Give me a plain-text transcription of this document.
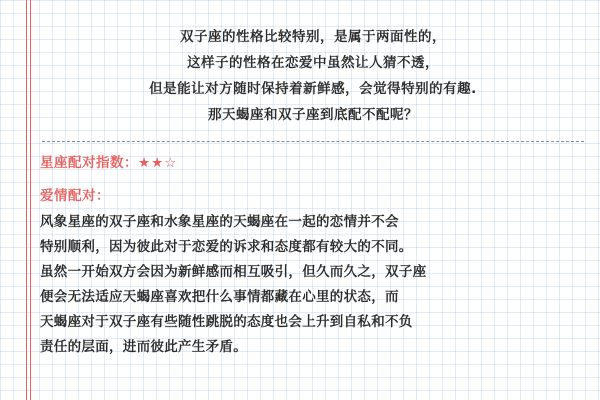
双子座的性格比较特别，是属于两面性的，
这样子的性格在恋爱中虽然让人猜不透，
但是能让对方随时保持着新鲜感，会觉得特别的有趣.
那天蝎座和双子座到底配不配呢？
星座配对指数：★★☆
爱情配对：
风象星座的双子座和水象星座的天蝎座在一起的恋情并不会
特别顺利，因为彼此对于恋爱的诉求和态度都有较大的不同。
虽然一开始双方会因为新鲜感而相互吸引，但久而久之，双子座
便会无法适应天蝎座喜欢把什么事情都藏在心里的状态，而
天蝎座对于双子座有些随性跳脱的态度也会上升到自私和不负
责任的层面，进而彼此产生矛盾。
